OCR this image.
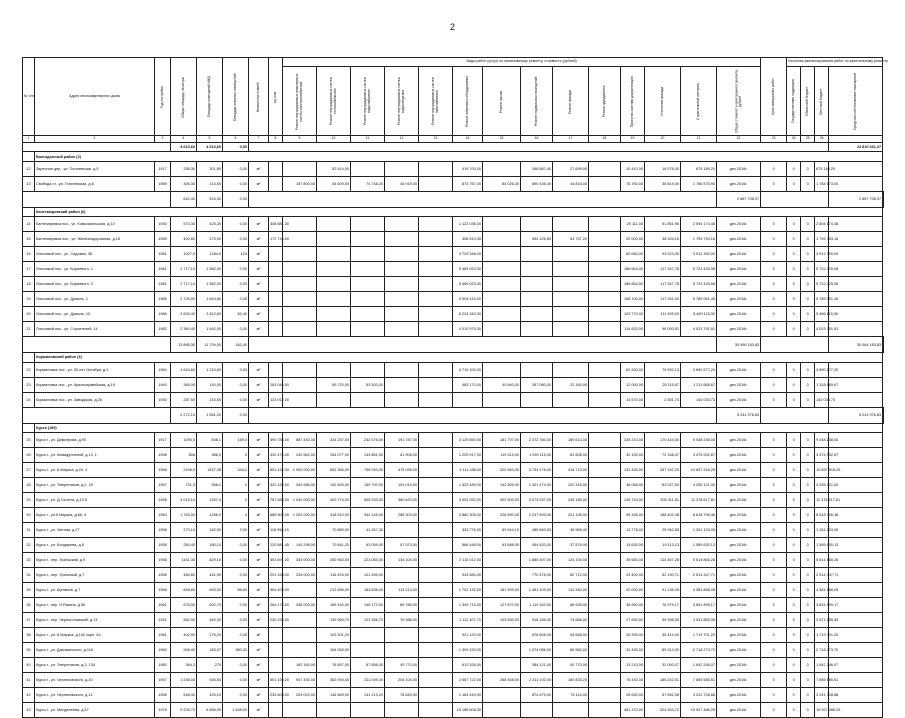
2
№ п/п	Адрес многоквартирного дома	Год постройки	Общая площадь, кв.метры	Площадь помещений МКД	Площадь нежилых помещений	Количество этажей	ед. изм.	Виды работ (услуг) по капитальному ремонту, стоимость (рублей)														Срок завершения работ	Источник финансирования работ по капитальному ремонту				
								Ремонт внутридомовых инженерных систем электроснабжения	Ремонт внутридомовых систем теплоснабжения	Ремонт внутридомовых систем водоснабжения	Ремонт внутридомовых систем водоотведения	Ремонт внутридомовых систем газоснабжения	Ремонт лифтового оборудования	Ремонт крыши	Ремонт подвальных помещений	Ремонт фасада	Ремонт фундамента	Проектно-сметная документация	Утепление фасада	Строительный контроль	Общая стоимость капитального ремонта, рублей		Государственная поддержка	Областной бюджет	Местный бюджет	Средства собственников помещений	
1	2	3	4	5	6	7	8	9	10	11	12	13	14	15	16	17	18	19	20	21	22	23	24	25	26		
			4 610,60	4 610,60	0,00																					24 810 661,37	
	Волгодонской район (2)																										
12	Заречное дер., ул. Гоголевская, д.5	1917	336,30	301,80	0,00	м²			52 614,00				419 700,00		348 887,40	27 699,00		10 410,00	16 076,00	875 189,20	дек.2016г.	0	0	0	875 189,20		
13	Свобода ст., ул. Гоголевская, д.5	1989	306,30	214,60	0,00	м²		157 800,00	54 609,00	74 748,20	44 919,00		874 757,00	84 026,30	890 436,40	44 815,00		76 760,00	38 819,00	1 786 575,90	дек.2016г.	0	0	0	1 784 673,00		
			642,40	516,30	0,00																2 687 708,37					2 657 708,37	
	Кантемировский район (6)																										
14	Кантемировка пос., ул. Комсомольская, д.10	1930	573,30	425,30	0,00	м²	348 881,30						1 122 036,00					25 111,00	51 861,96	2 594 174,48	дек.2016г.	0	0	0	2 604 174,48		
15	Кантемировка пос., ул. Железнодорожная, д.18	1955	400,80	273,00	0,00	м²	172 744,00						308 510,45		954 126,80	63 757,20		20 000,00	38 324,16	1 793 753,16	дек.2016г.	0	0	0	1 793 753,16		
16	Ольховый пос., ул. Садовая, 36	1981	1007,0	1284,0	124	м²							3 729 348,00					60 060,00	93 023,00	3 912 390,00	дек.2016г.	0	0	0	3 912 390,00		
17	Ольховый пос., ул. Бориевого, 1	1981	2 717,10	1 582,00	0,00	м²							5 469 023,30					186 664,00	117 347,78	5 723 425,08	дек.2016г.	0	0	0	5 722 425,08		
18	Ольховый пос., ул. Бориевого, 2	1981	2 717,10	1 582,00	0,00	м²							5 469 023,30					186 664,00	117 347,78	5 723 425,08	дек.2016г.	0	0	0	5 722 425,08		
19	Ольховый пос., ул. Думаль, 1	1986	2 726,90	1 644,80	0,00	м²							5 504 116,00					158 100,00	117 261,00	5 789 051,45	дек.2016г.	0	0	0	5 789 051,45		
20	Ольховый пос., ул. Думаль, 10	1986	2 693,40	2 612,60	82,40	м²							5 224 340,30					129 770,00	111 905,00	5 489 115,30	дек.2016г.	0	0	0	5 466 115,30		
21	Ольховый пос., ул. Строителей, 14	1982	2 360,40	1 642,00	0,00	м²							4 010 975,30					114 820,00	96 000,51	4 023 791,51	дек.2016г.	0	0	0	4 023 791,51		
			13 895,30	11 709,00	182,40																30 996 183,83					30 064 183,83	
	Кормиловский район (3)																										
22	Кормиловка пос., ул. 30 лет Октября, д.1	1984	1 643,60	1 224,60	0,00	м²							3 710 100,00					82 200,00	79 592,13	3 890 577,20	дек.2016г.	0	0	0	3 890 577,20		
23	Кормиловка пос., ул. Красноармейская, д.19	1940	346,00	140,00	0,00	м²	163 040,00		69 720,00	53 520,00			483 170,00	40 840,00	397 080,00	22 160,00		12 000,00	25 115,67	1 211 665,67	дек.2016г.	0	0	0	1 318 665,67		
24	Кормиловка пос., ул. Заводская, д.26	1930	287,50	216,60	0,00	м²	123 912,00											14 570,00	2 551,73	140 033,73	дек.2016г.	0	0	0	140 033,73		
			2 272,10	1 581,20	0,00																5 241 976,83					5 241 976,83	
	Курск (189)																										
25	Курск г., ул. Димитрова, д.90	1917	1090,5	848,1	169,4	м²	490 785,00	887 440,00	344 257,00	232 676,00	191 787,00		3 129 850,00	181 797,00	2 472 760,00	189 613,00		328 210,00	170 444,00	9 048 248,00	дек.2016г.	0	0	0	9 048 248,00		
26	Курск г., ул. Ахмадуллиной, д.14, 1	1998	806	586,0	0	м²	332 476,00	240 562,00	154 077,00	133 861,00	61 908,00		1 229 917,00	119 319,00	1 039 115,00	81 608,00		32 100,00	72 168,47	3 474 932,67	дек.2016г.	0	0	0	3 474 932,67		
27	Курск г., ул. К.Маркса, д.24, 4	1958	2446,0	1457,38	344,2	м²	851 432,00	1 000 000,00	802 356,00	758 093,00	475 035,00		4 111 188,00	320 583,00	3 734 176,00	418 710,00		132 430,00	267 152,25	10 837 918,25	дек.2016г.	0	0	0	10 837 918,25		
28	Курск г., ул. Энергетиков, д.2, 25	1957	701,3	556,1	0	м²	320 120,00	340 986,00	192 605,00	159 700,00	103 014,00		1 523 489,00	142 505,00	1 301 474,00	102 316,00		38 065,00	83 027,50	4 255 121,00	дек.2016г.	0	0	0	4 255 121,00		
29	Курск г., ул. Д.Гостита, д.13 б	1958	3 015,10	1557,4	0	м²	787 684,00	1 042 000,00	400 774,00	505 033,00	380 620,00		3 902 052,00	302 500,00	3 073 037,00	246 185,00		128 744,00	205 311,81	11 378 617,81	дек.2016г.	0	0	0	11 378 617,81		
30	Курск г., ул.К.Маркса, д.66, 4	1963	1 763,00	1266,0	0	м²	685 902,00	1 202 000,00	418 510,00	342 145,00	288 303,00		2 882 305,00	226 590,00	2 237 893,00	201 195,00		96 165,00	188 402,48	8 618 706,48	дек.2016г.	0	0	0	8 618 706,48		
31	Курск г., ул. Уютная, д.27	1958	270,10	182,90	2,00	м²	118 950,15		70 880,00	41 347,30			333 776,00	63 944,10	485 840,00	36 965,40		13 778,00	25 062,55	1 261 103,05	дек.2016г.	0	0	0	1 261 103,05		
32	Курск г., ул. Бондарева, д.8	1958	280,40	180,10	0,00	м²	120 681,45	140 298,00	70 841,20	63 059,00	57 573,00		586 448,00	63 688,00	494 620,00	37 576,00		14 630,00	19 113,13	1 589 630,13	дек.2016г.	0	0	0	1 589 630,13		
33	Курск г., пер. Уральский, д.9	1958	1161,30	829,10	0,00	м²	451 691,00	344 000,00	250 953,00	223 083,00	134 104,00		2 115 012,00		1 885 497,00	124 104,00		39 660,00	114 467,28	5 614 865,28	дек.2016г.	0	0	0	5 614 865,28		
34	Курск г., пер. Уральный, д.7	1958	480,80	441,90	0,00	м²	201 168,00	234 000,00	116 494,00	101 269,00			943 584,00		770 476,00	82 712,00		23 400,00	52 190,71	2 514 347,71	дек.2016г.	0	0	0	2 514 347,71		
35	Курск г., ул. Щепкина, д.7	1958	848,60	693,30	86,60	м²	364 403,00		212 656,00	183 836,00	113 213,00		1 702 132,00	181 909,00	1 481 109,00	110 340,00		42 000,00	91 136,05	4 381 868,05	дек.2016г.	0	0	0	4 381 868,05		
36	Курск г., пер. Н.Разина, д.56	1961	676,00	602,70	0,00	м²	264 173,00	336 000,00	169 440,00	146 172,00	89 785,00		1 349 713,00	127 870,00	1 110 162,00	88 935,00		38 960,00	76 379,17	3 851 899,17	дек.2016г.	0	0	0	3 831 899,17		
37	Курск г., пер. Черноголовский, д.13	1951	582,90	460,30	0,00	м²	230 294,00		139 965,70	123 366,70	76 986,00		1 112 407,70	103 830,00	918 186,00	74 686,00		27 650,00	59 398,35	2 811 855,35	дек.2016г.	0	0	0	2 871 855,35		
38	Курск г., ул. К.Маркса, д.102 корп. А1	1981	402,90	276,20	0,00	м²			103 301,20				921 120,00		878 608,00	54 668,00		26 395,00	35 414,00	1 719 701,20	дек.2016г.	0	0	0	1 719 701,20		
39	Курск г., ул. Дзержинского, д.116	1960	948,40	183,07	380,32	м²			164 045,00				1 309 220,00		1 574 086,00	86 580,00		32 430,00	89 314,00	2 718 273,70	дек.2016г.	0	0	0	2 718 273,70		
40	Курск г., ул. Энергетиков, д.3, 134	1980	364,3	279	0,00	м²		162 160,00	76 857,00	87 856,00	40 770,00		612 526,00		384 121,00	40 770,00		13 210,00	32 000,07	1 642 246,07	дек.2016г.	0	0	0	1 642 246,07		
41	Курск г., ул. Черняховского, д.10	1957	1 248,00	926,50	0,00	м²	601 159,00	907 430,00	352 094,40	311 049,40	204 104,00		2 667 722,00	268 458,00	2 311 192,00	180 833,20		76 440,00	185 242,51	7 855 585,51	дек.2016г.	0	0	0	7 855 585,51		
42	Курск г., ул. Черняховского, д.12	1958	548,40	425,10	0,00	м²	233 603,00	204 020,00	146 669,00	131 213,20	78 845,00		1 164 449,00		874 679,00	76 116,00		26 650,00	57 652,08	3 241 728,88	дек.2016г.	0	0	0	3 241 728,88		
43	Курск г., ул. Менделеева, д.57	1978	9 226,70	6 856,05	1 468,00	м²							15 186 608,30					461 370,00	324 354,72	15 927 486,25	дек.2016г.	0	0	0	15 927 486,25		
